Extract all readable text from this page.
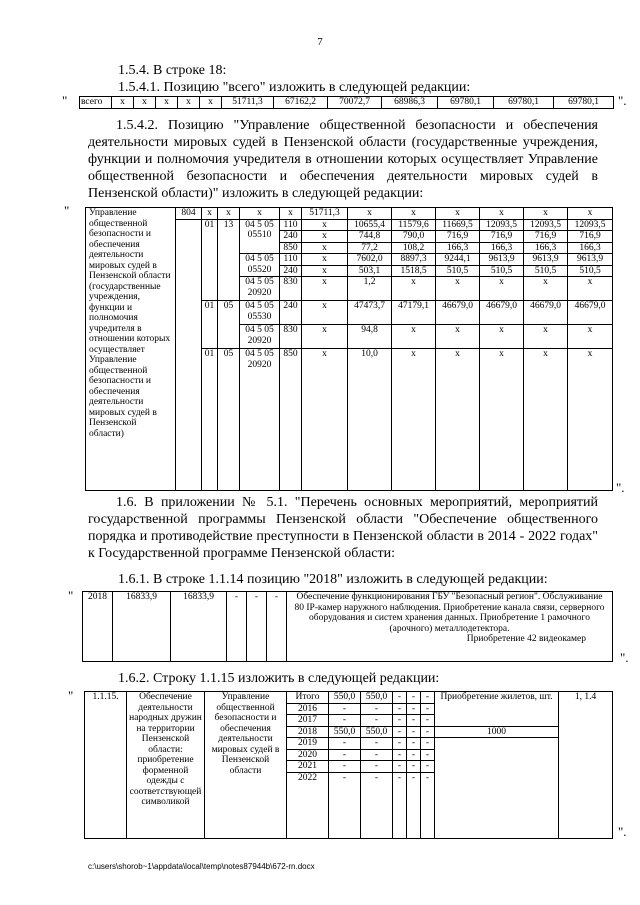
7
1.5.4. В строке 18:
1.5.4.1. Позицию "всего" изложить в следующей редакции:
" всего	x	x	x	x	x	51711,3	67162,2	70072,7	68986,3	69780,1	69780,1	69780,1 ".
1.5.4.2. Позицию "Управление общественной безопасности и обеспечения деятельности мировых судей в Пензенской области (государственные учреждения, функции и полномочия учредителя в отношении которых осуществляет Управление общественной безопасности и обеспечения деятельности мировых судей в Пензенской области)" изложить в следующей редакции:
" Управление общественной безопасности и обеспечения деятельности мировых судей в Пензенской области (государственные учреждения, функции и полномочия учредителя в отношении которых осуществляет Управление общественной безопасности и обеспечения деятельности мировых судей в Пензенской области)	804	x	x	x	x	51711,3	x	x	x	x	x	x	
		01	13	04 5 05 05510	110	x	10655,4	11579,6	11669,5	12093,5	12093,5	12093,5	
					240	x	744,8	790,0	716,9	716,9	716,9	716,9	
					850	x	77,2	108,2	166,3	166,3	166,3	166,3	
				04 5 05 05520	110	x	7602,0	8897,3	9244,1	9613,9	9613,9	9613,9	
					240	x	503,1	1518,5	510,5	510,5	510,5	510,5	
				04 5 05 20920	830	x	1,2	x	x	x	x	x	
		01	05	04 5 05 05530	240	x	47473,7	47179,1	46679,0	46679,0	46679,0	46679,0	
				04 5 05 20920	830	x	94,8	x	x	x	x	x	
		01	05	04 5 05 20920	850	x	10,0	x	x	x	x	x	
".
1.6. В приложении № 5.1. "Перечень основных мероприятий, мероприятий государственной программы Пензенской области "Обеспечение общественного порядка и противодействие преступности в Пензенской области в 2014 - 2022 годах" к Государственной программе Пензенской области:
1.6.1. В строке 1.1.14 позицию "2018" изложить в следующей редакции:
" 2018	16833,9	16833,9	-	-	-	Обеспечение функционирования ГБУ "Безопасный регион". Обслуживание 80 IP-камер наружного наблюдения. Приобретение канала связи, серверного оборудования и систем хранения данных. Приобретение 1 рамочного (арочного) металлодетектора.
Приобретение 42 видеокамер
".
1.6.2. Строку 1.1.15 изложить в следующей редакции:
" 1.1.15.	Обеспечение деятельности народных дружин на территории Пензенской области: приобретение форменной одежды с соответствующей символикой	Управление общественной безопасности и обеспечения деятельности мировых судей в Пензенской области	Итого	550,0	550,0	-	-	-	Приобретение жилетов, шт.	1, 1.4
			2016	-	-	-	-	-		
			2017	-	-	-	-	-		
			2018	550,0	550,0	-	-	-	1000	
			2019	-	-	-	-	-		
			2020	-	-	-	-	-		
			2021	-	-	-	-	-		
			2022	-	-	-	-	-		
".
c:\users\shorob~1\appdata\local\temp\notes87944b\672-rn.docx
